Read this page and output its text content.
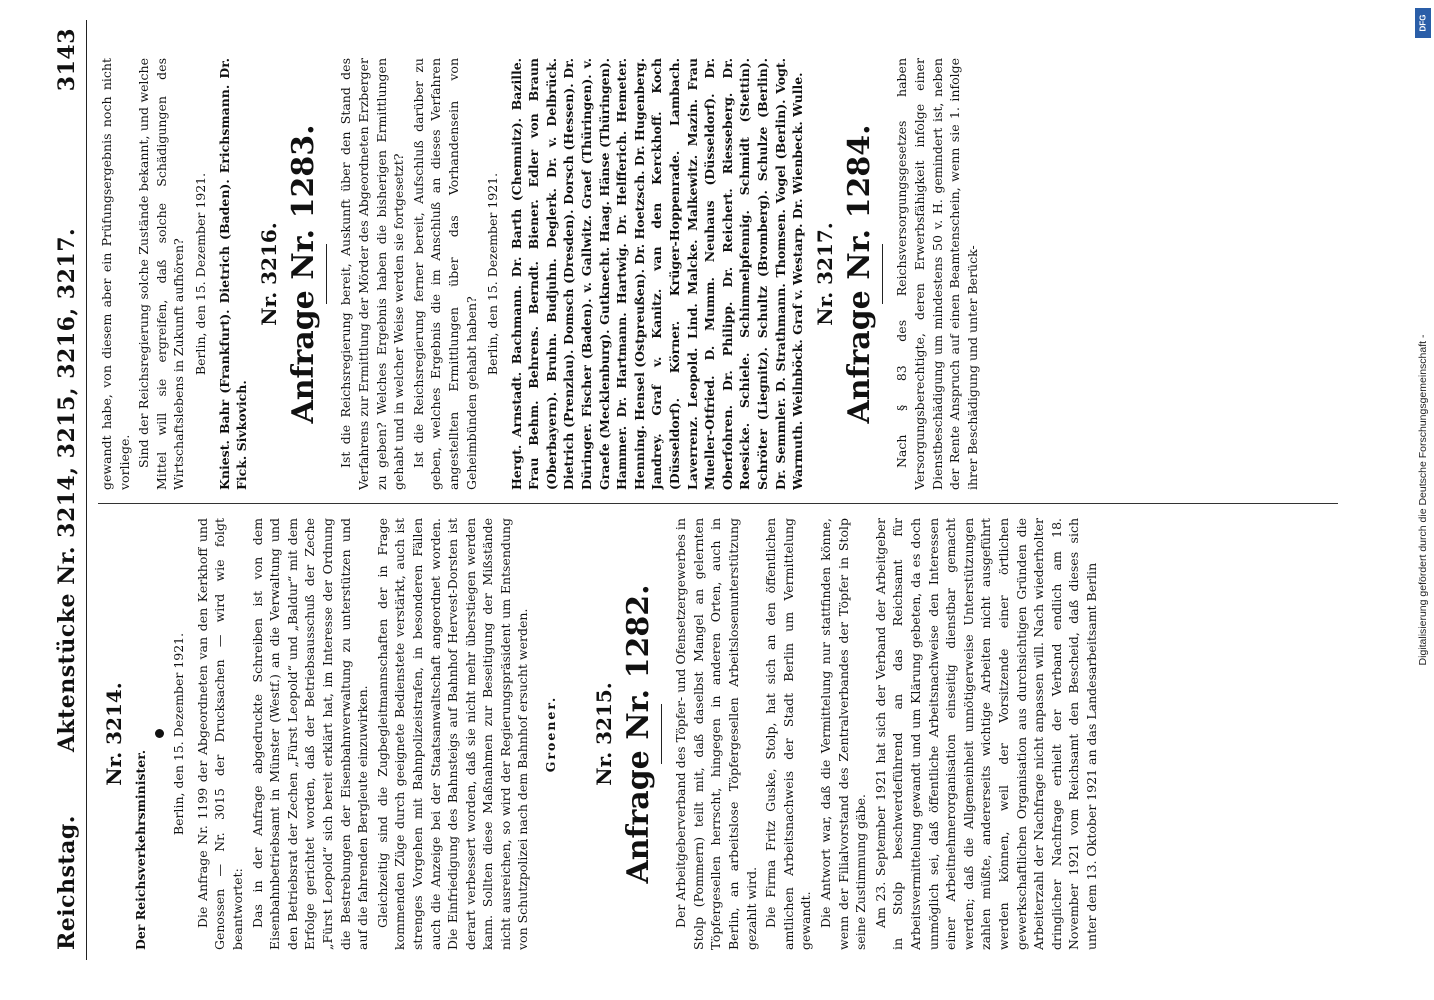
Reichstag.
Aktenstücke Nr. 3214, 3215, 3216, 3217.
3143
Nr. 3214.
Der Reichsverkehrsminister.
Berlin, den 15. Dezember 1921. Die Anfrage Nr. 1199 der Abgeordneten van den Kerkhoff und Genossen — Nr. 3015 der Drucksachen — wird wie folgt beantwortet: Das in der Anfrage abgedruckte Schreiben ist von dem Eisenbahnbetriebsamt in Münster (Westf.) an die Verwaltung und den Betriebsrat der Zechen „Fürst Leopold“ und „Baldur“ mit dem Erfolge gerichtet worden, daß der Betriebsausschuß der Zeche „Fürst Leopold“ sich bereit erklärt hat, im Interesse der Ordnung die Bestrebungen der Eisenbahnverwaltung zu unterstützen und auf die fahrenden Bergleute einzuwirken. Gleichzeitig sind die Zugbegleitmannschaften der in Frage kommenden Züge durch geeignete Bedienstete verstärkt, auch ist strenges Vorgehen mit Bahnpolizeistrafen, in besonderen Fällen auch die Anzeige bei der Staatsanwaltschaft angeordnet worden. Die Einfriedigung des Bahnsteigs auf Bahnhof Hervest-Dorsten ist derart verbessert worden, daß sie nicht mehr überstiegen werden kann. Sollten diese Maßnahmen zur Beseitigung der Mißstände nicht ausreichen, so wird der Regierungspräsident um Entsendung von Schutzpolizei nach dem Bahnhof ersucht werden. Groener. Nr. 3215. Anfrage Nr. 1282. Der Arbeitgeberverband des Töpfer- und Ofensetzergewerbes in Stolp (Pommern) teilt mit, daß daselbst Mangel an gelernten Töpfergesellen herrscht, hingegen in anderen Orten, auch in Berlin, an arbeitslose Töpfergesellen Arbeitslosenunterstützung gezahlt wird. Die Firma Fritz Guske, Stolp, hat sich an den öffentlichen amtlichen Arbeitsnachweis der Stadt Berlin um Vermittelung gewandt. Die Antwort war, daß die Vermittelung nur stattfinden könne, wenn der Filialvorstand des Zentralverbandes der Töpfer in Stolp seine Zustimmung gäbe. Am 23. September 1921 hat sich der Verband der Arbeitgeber in Stolp beschwerdeführend an das Reichsamt für Arbeitsvermittelung gewandt und um Klärung gebeten, da es doch unmöglich sei, daß öffentliche Arbeitsnachweise den Interessen einer Arbeitnehmerorganisation einseitig dienstbar gemacht werden; daß die Allgemeinheit unnötigerweise Unterstützungen zahlen müßte, andererseits wichtige Arbeiten nicht ausgeführt werden können, weil der Vorsitzende einer örtlichen gewerkschaftlichen Organisation aus durchsichtigen Gründen die Arbeiterzahl der Nachfrage nicht anpassen will. Nach wiederholter dringlicher Nachfrage erhielt der Verband endlich am 18. November 1921 vom Reichsamt den Bescheid, daß dieses sich unter dem 13. Oktober 1921 an das Landesarbeitsamt Berlin

gewandt habe, von diesem aber ein Prüfungsergebnis noch nicht vorliege. Sind der Reichsregierung solche Zustände bekannt, und welche Mittel will sie ergreifen, daß solche Schädigungen des Wirtschaftslebens in Zukunft aufhören? Berlin, den 15. Dezember 1921. Kniest. Bahr (Frankfurt). Dietrich (Baden). Erichsmann. Dr. Fick. Sivkovich.

Nr. 3216. Anfrage Nr. 1283. Ist die Reichsregierung bereit, Auskunft über den Stand des Verfahrens zur Ermittlung der Mörder des Abgeordneten Erzberger zu geben? Welches Ergebnis haben die bisherigen Ermittlungen gehabt und in welcher Weise werden sie fortgesetzt? Ist die Reichsregierung ferner bereit, Aufschluß darüber zu geben, welches Ergebnis die im Anschluß an dieses Verfahren angestellten Ermittlungen über das Vorhandensein von Geheimbünden gehabt haben?

Berlin, den 15. Dezember 1921. Hergt. Arnstadt. Bachmann. Dr. Barth (Chemnitz). Bazille. Frau Behm. Behrens. Berndt. Biener. Edler von Braun (Oberbayern). Bruhn. Budjuhn. Deglerk. Dr. v. Delbrück. Dietrich (Prenzlau). Domsch (Dresden). Dorsch (Hessen). Dr. Düringer. Fischer (Baden). v. Gallwitz. Graef (Thüringen). v. Graefe (Mecklenburg). Gutknecht. Haag. Hänse (Thüringen). Hammer. Dr. Hartmann. Hartwig. Dr. Helfferich. Hemeter. Henning. Hensel (Ostpreußen). Dr. Hoetzsch. Dr. Hugenberg. Jandrey. Graf v. Kanitz. van den Kerckhoff. Koch (Düsseldorf). Körner. Krüger-Hoppenrade. Lambach. Laverrenz. Leopold. Lind. Malcke. Malkewitz. Mazin. Frau Mueller-Otfried. D. Mumm. Neuhaus (Düsseldorf). Dr. Oberfohren. Dr. Philipp. Dr. Reichert. Riesseberg. Dr. Roesicke. Schiele. Schimmelpfennig. Schmidt (Stettin). Schröter (Liegnitz). Schultz (Bromberg). Schulze (Berlin). Dr. Semmler. D. Strathmann. Thomsen. Vogel (Berlin). Vogt. Warmuth. Weilnböck. Graf v. Westarp. Dr. Wienbeck. Wulle. Nr. 3217. Anfrage Nr. 1284. Nach § 83 des Reichsversorgungsgesetzes haben Versorgungsberechtigte, deren Erwerbsfähigkeit infolge einer Dienstbeschädigung um mindestens 50 v. H. gemindert ist, neben der Rente Anspruch auf einen Beamtenschein, wenn sie 1. infolge ihrer Beschädigung und unter Berück-

DFG
Digitalisierung gefördert durch die Deutsche Forschungsgemeinschaft -
